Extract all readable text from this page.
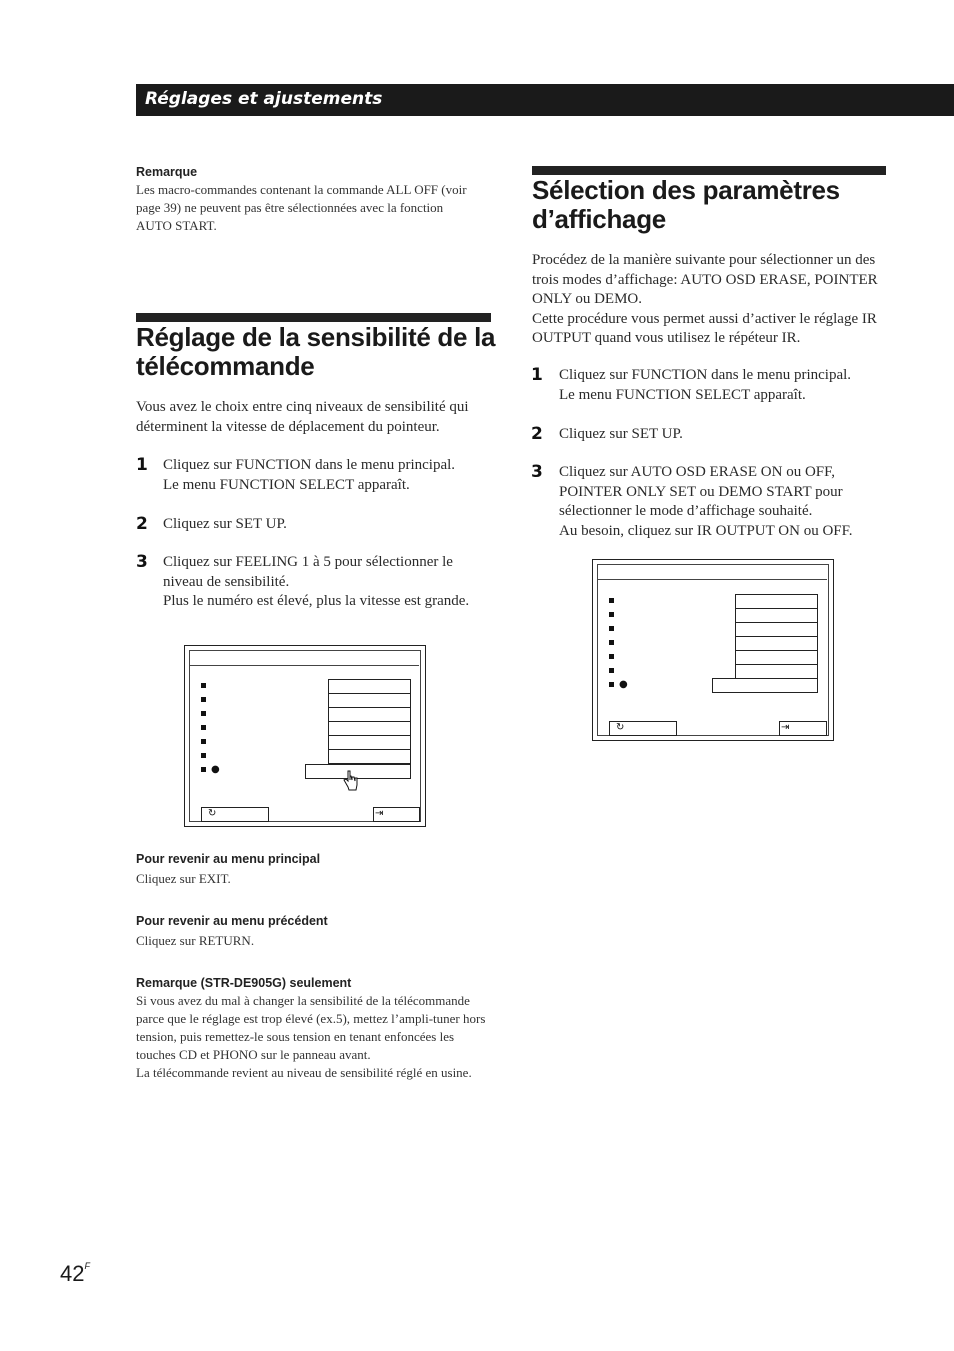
Réglages et ajustements
Remarque
Les macro-commandes contenant la commande ALL OFF (voir page 39) ne peuvent pas être sélectionnées avec la fonction AUTO START.
Réglage de la sensibilité de la télécommande
Vous avez le choix entre cinq niveaux de sensibilité qui déterminent la vitesse de déplacement du pointeur.
1 Cliquez sur FUNCTION dans le menu principal.
Le menu FUNCTION SELECT apparaît.
2 Cliquez sur SET UP.
3 Cliquez sur FEELING 1 à 5 pour sélectionner le niveau de sensibilité.
Plus le numéro est élevé, plus la vitesse est grande.
●
↻	⇥
Pour revenir au menu principal
Cliquez sur EXIT.
Pour revenir au menu précédent
Cliquez sur RETURN.
Remarque (STR-DE905G) seulement
Si vous avez du mal à changer la sensibilité de la télécommande parce que le réglage est trop élevé (ex.5), mettez l’ampli-tuner hors tension, puis remettez-le sous tension en tenant enfoncées les touches CD et PHONO sur le panneau avant.
La télécommande revient au niveau de sensibilité réglé en usine.
Sélection des paramètres d’affichage
Procédez de la manière suivante pour sélectionner un des trois modes d’affichage: AUTO OSD ERASE, POINTER ONLY ou DEMO.
Cette procédure vous permet aussi d’activer le réglage IR OUTPUT quand vous utilisez le répéteur IR.
1 Cliquez sur FUNCTION dans le menu principal.
Le menu FUNCTION SELECT apparaît.
2 Cliquez sur SET UP.
3 Cliquez sur AUTO OSD ERASE ON ou OFF, POINTER ONLY SET ou DEMO START pour sélectionner le mode d’affichage souhaité.
Au besoin, cliquez sur IR OUTPUT ON ou OFF.
●
↻	⇥
$42^F$
